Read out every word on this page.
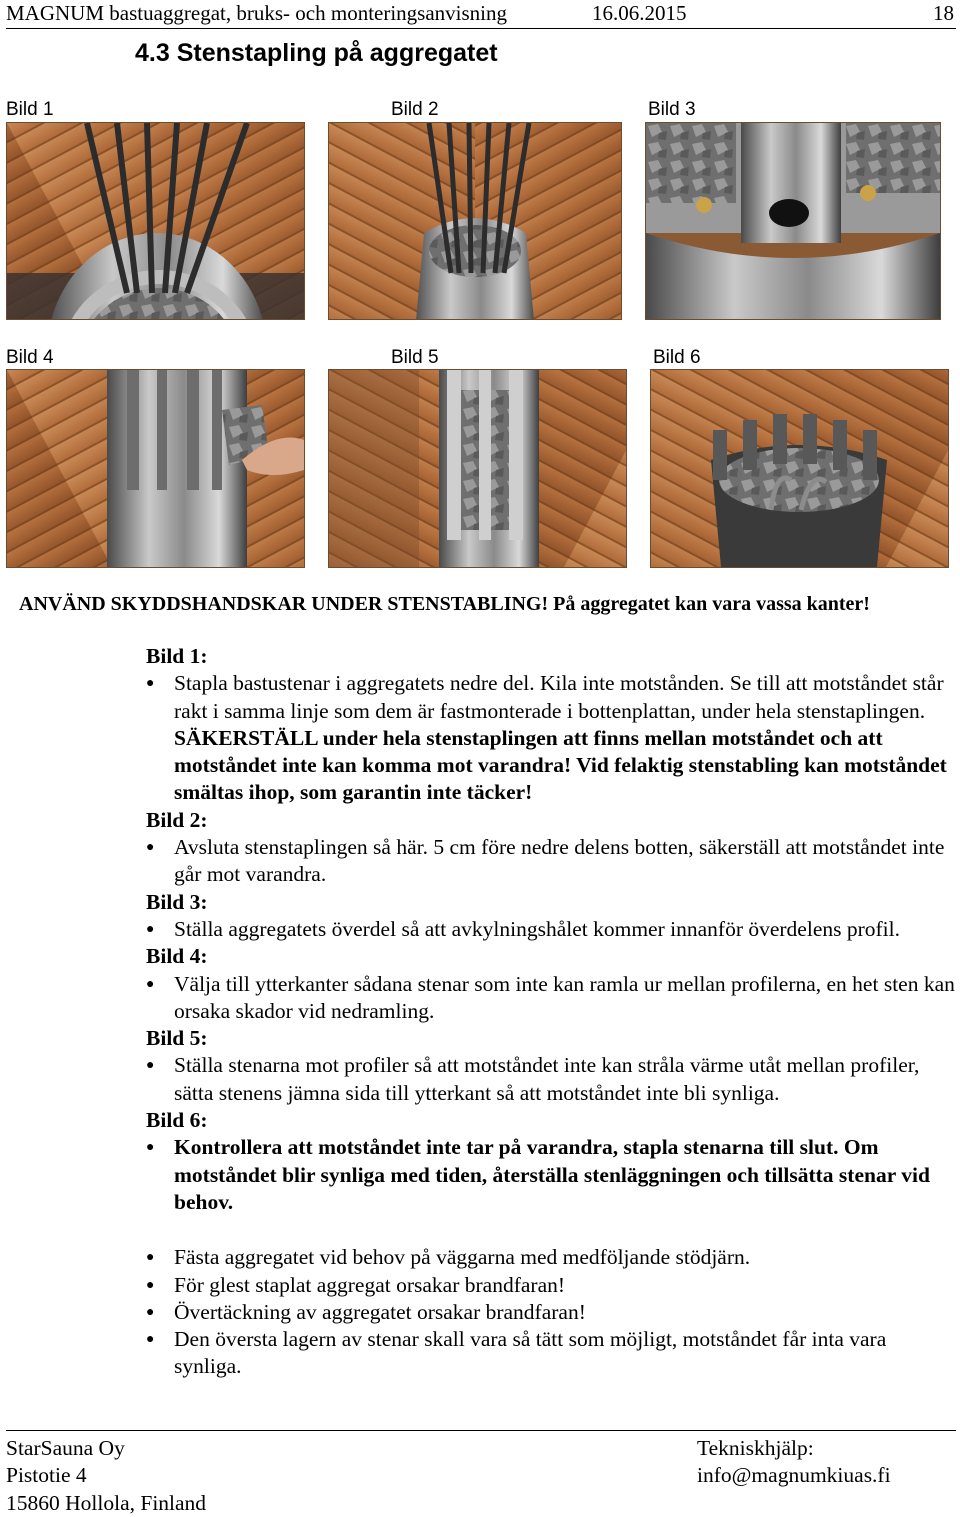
MAGNUM bastuaggregat, bruks- och monteringsanvisning	16.06.2015	18
4.3 Stenstapling på aggregatet
Bild 1	Bild 2	Bild 3
Bild 4	Bild 5	Bild 6
ANVÄND SKYDDSHANDSKAR UNDER STENSTABLING! På aggregatet kan vara vassa kanter!
Bild 1:
● Stapla bastustenar i aggregatets nedre del. Kila inte motstånden. Se till att motståndet står rakt i samma linje som dem är fastmonterade i bottenplattan, under hela stenstaplingen. SÄKERSTÄLL under hela stenstaplingen att finns mellan motståndet och att motståndet inte kan komma mot varandra! Vid felaktig stenstabling kan motståndet smältas ihop, som garantin inte täcker!
Bild 2:
● Avsluta stenstaplingen så här. 5 cm före nedre delens botten, säkerställ att motståndet inte går mot varandra.
Bild 3:
● Ställa aggregatets överdel så att avkylningshålet kommer innanför överdelens profil.
Bild 4:
● Välja till ytterkanter sådana stenar som inte kan ramla ur mellan profilerna, en het sten kan orsaka skador vid nedramling.
Bild 5:
● Ställa stenarna mot profiler så att motståndet inte kan stråla värme utåt mellan profiler, sätta stenens jämna sida till ytterkant så att motståndet inte bli synliga.
Bild 6:
● Kontrollera att motståndet inte tar på varandra, stapla stenarna till slut. Om motståndet blir synliga med tiden, återställa stenläggningen och tillsätta stenar vid behov.
● Fästa aggregatet vid behov på väggarna med medföljande stödjärn.
● För glest staplat aggregat orsakar brandfaran!
● Övertäckning av aggregatet orsakar brandfaran!
● Den översta lagern av stenar skall vara så tätt som möjligt, motståndet får inta vara synliga.
StarSauna Oy
Pistotie 4
15860 Hollola, Finland
Tekniskhjälp:
info@magnumkiuas.fi
